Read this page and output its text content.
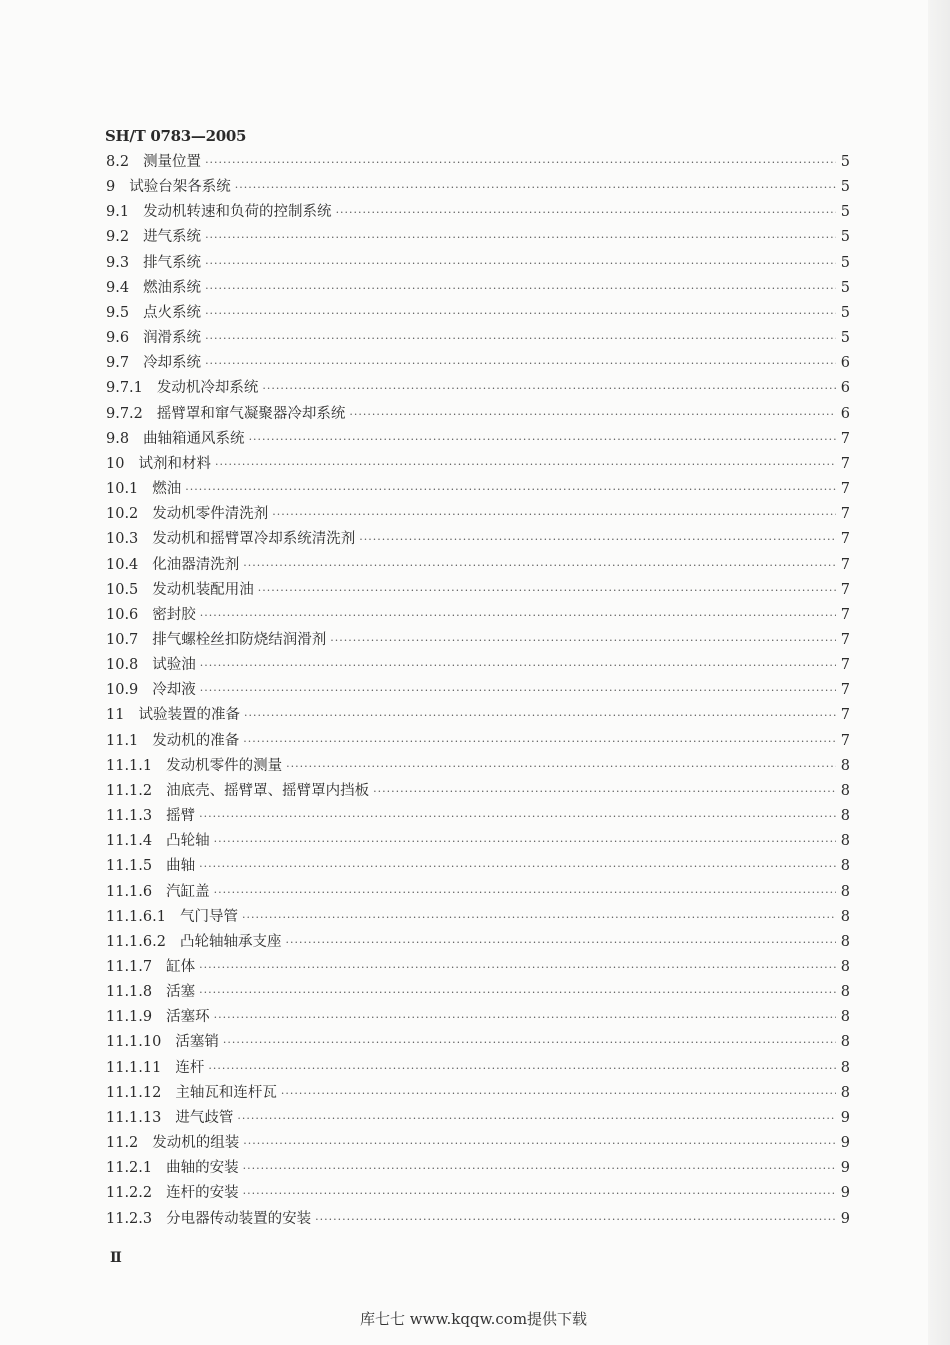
SH/T 0783—2005
8.2 测量位置 ·····	5
9 试验台架各系统 ·····	5
9.1 发动机转速和负荷的控制系统 ·····	5
9.2 进气系统 ·····	5
9.3 排气系统 ·····	5
9.4 燃油系统 ·····	5
9.5 点火系统 ·····	5
9.6 润滑系统 ·····	5
9.7 冷却系统 ·····	6
9.7.1 发动机冷却系统 ·····	6
9.7.2 摇臂罩和窜气凝聚器冷却系统 ·····	6
9.8 曲轴箱通风系统 ·····	7
10 试剂和材料 ·····	7
10.1 燃油 ·····	7
10.2 发动机零件清洗剂 ·····	7
10.3 发动机和摇臂罩冷却系统清洗剂 ·····	7
10.4 化油器清洗剂 ·····	7
10.5 发动机装配用油 ·····	7
10.6 密封胶 ·····	7
10.7 排气螺栓丝扣防烧结润滑剂 ·····	7
10.8 试验油 ·····	7
10.9 冷却液 ·····	7
11 试验装置的准备 ·····	7
11.1 发动机的准备 ·····	7
11.1.1 发动机零件的测量 ·····	8
11.1.2 油底壳、摇臂罩、摇臂罩内挡板 ·····	8
11.1.3 摇臂 ·····	8
11.1.4 凸轮轴 ·····	8
11.1.5 曲轴 ·····	8
11.1.6 汽缸盖 ·····	8
11.1.6.1 气门导管 ·····	8
11.1.6.2 凸轮轴轴承支座 ·····	8
11.1.7 缸体 ·····	8
11.1.8 活塞 ·····	8
11.1.9 活塞环 ·····	8
11.1.10 活塞销 ·····	8
11.1.11 连杆 ·····	8
11.1.12 主轴瓦和连杆瓦 ·····	8
11.1.13 进气歧管 ·····	9
11.2 发动机的组装 ·····	9
11.2.1 曲轴的安装 ·····	9
11.2.2 连杆的安装 ·····	9
11.2.3 分电器传动装置的安装 ·····	9
Ⅱ
库七七 www.kqqw.com提供下载
